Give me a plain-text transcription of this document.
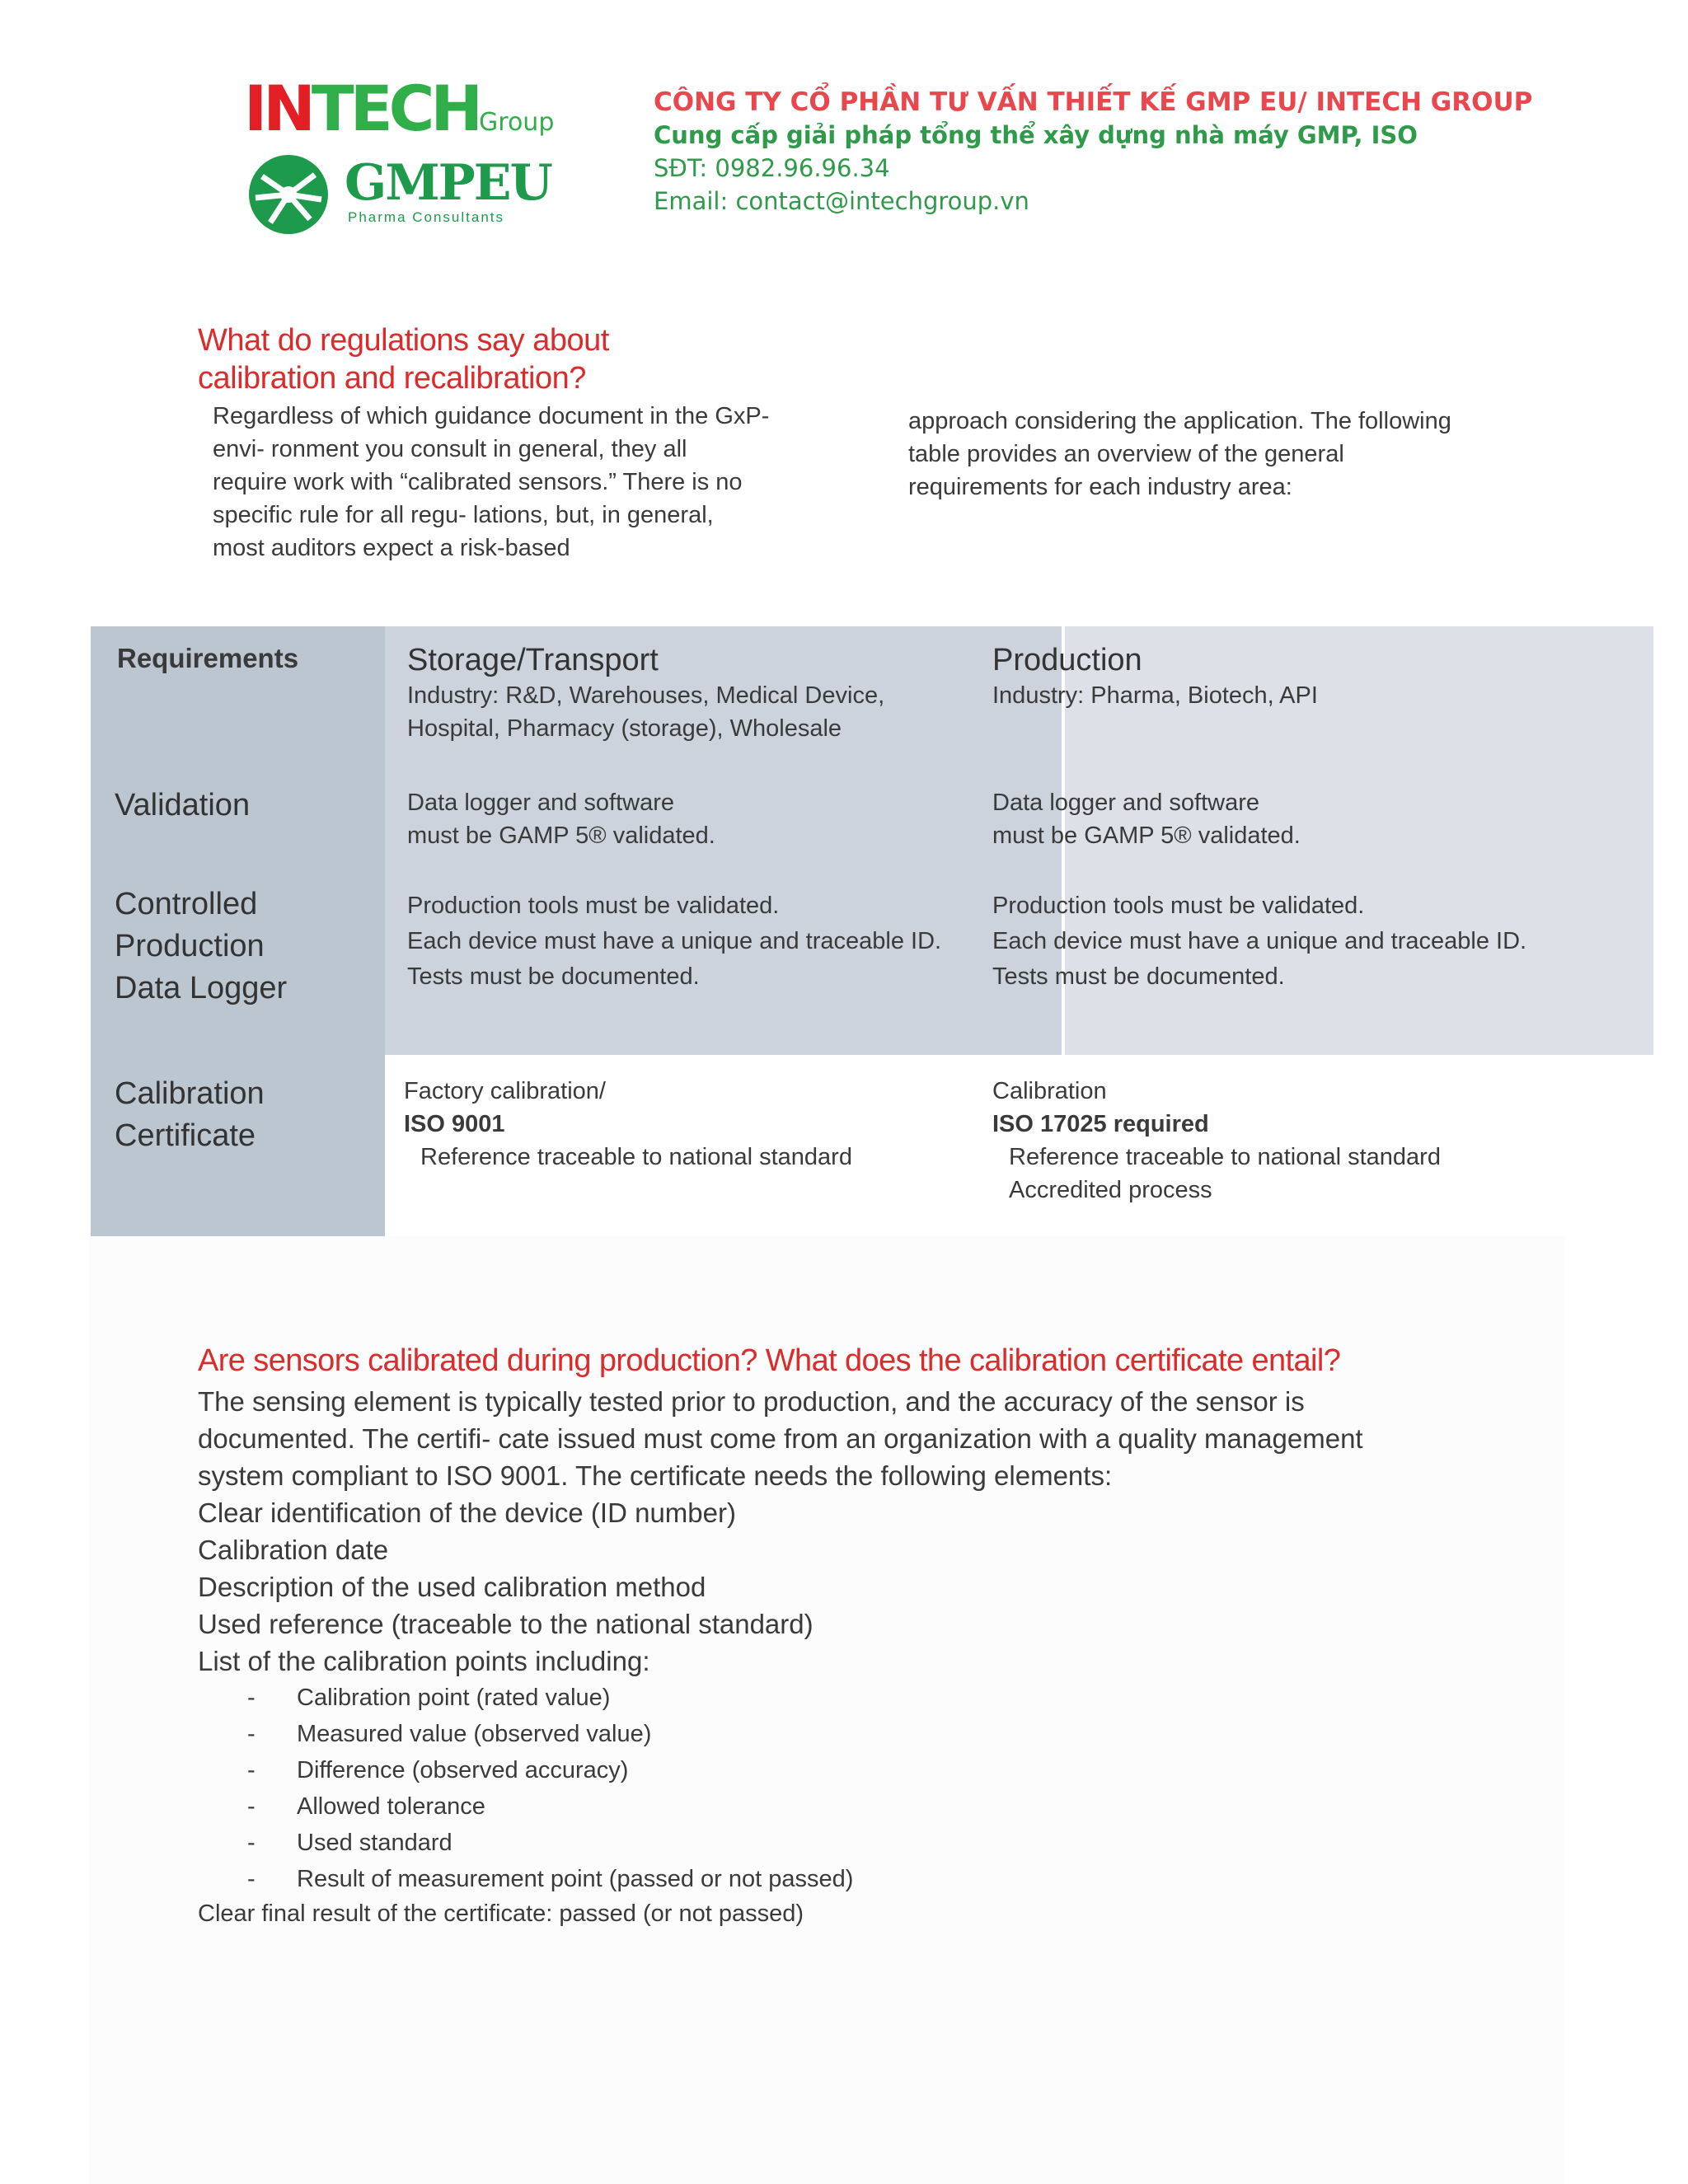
INTECHGroup
GMPEU
Pharma Consultants
CÔNG TY CỔ PHẦN TƯ VẤN THIẾT KẾ GMP EU/ INTECH GROUP
Cung cấp giải pháp tổng thể xây dựng nhà máy GMP, ISO
SĐT: 0982.96.96.34
Email: contact@intechgroup.vn
What do regulations say about
calibration and recalibration?
Regardless of which guidance document in the GxP-
envi- ronment you consult in general, they all
require work with “calibrated sensors.” There is no
specific rule for all regu- lations, but, in general,
most auditors expect a risk-based
approach considering the application. The following
table provides an overview of the general
requirements for each industry area:
Requirements
Validation
Controlled
Production
Data Logger
Calibration
Certificate
Storage/Transport
Industry: R&D, Warehouses, Medical Device,
Hospital, Pharmacy (storage), Wholesale
Data logger and software
must be GAMP 5® validated.
Production tools must be validated.
Each device must have a unique and traceable ID.
Tests must be documented.
Factory calibration/
ISO 9001
Reference traceable to national standard
Production
Industry: Pharma, Biotech, API
Data logger and software
must be GAMP 5® validated.
Production tools must be validated.
Each device must have a unique and traceable ID.
Tests must be documented.
Calibration
ISO 17025 required
Reference traceable to national standard
Accredited process
Are sensors calibrated during production? What does the calibration certificate entail?
The sensing element is typically tested prior to production, and the accuracy of the sensor is
documented. The certifi- cate issued must come from an organization with a quality management
system compliant to ISO 9001. The certificate needs the following elements:
Clear identification of the device (ID number)
Calibration date
Description of the used calibration method
Used reference (traceable to the national standard)
List of the calibration points including:
- Calibration point (rated value)
- Measured value (observed value)
- Difference (observed accuracy)
- Allowed tolerance
- Used standard
- Result of measurement point (passed or not passed)
Clear final result of the certificate: passed (or not passed)
